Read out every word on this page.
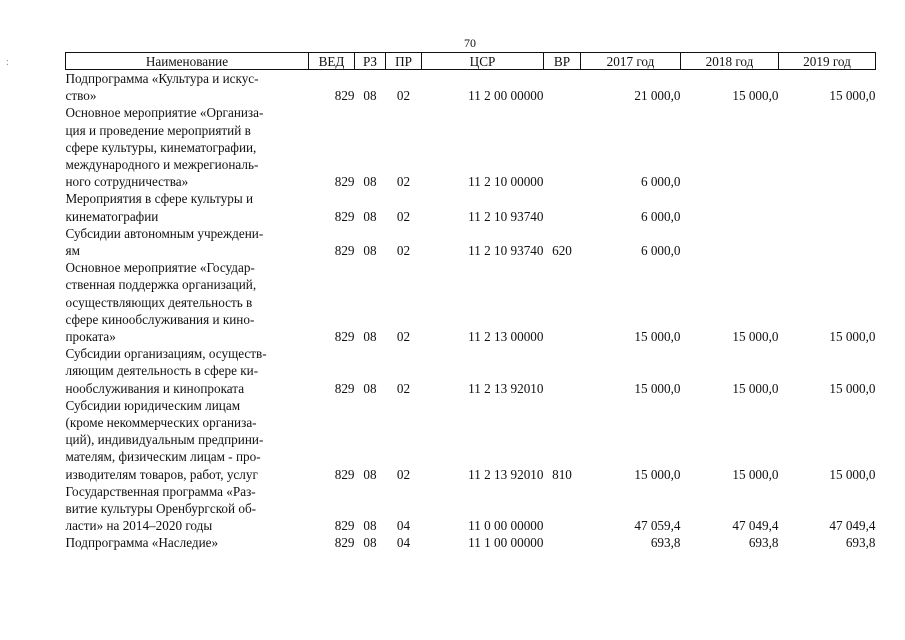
70
:	Наименование	ВЕД	РЗ	ПР	ЦСР	ВР	2017 год	2018 год	2019 год

Подпрограмма «Культура и искус-
ство»	829	08	02	11 2 00 00000		21 000,0	15 000,0	15 000,0

Основное мероприятие «Организа-
ция и проведение мероприятий в
сфере культуры, кинематографии,
международного и межрегиональ-
ного сотрудничества»	829	08	02	11 2 10 00000		6 000,0		

Мероприятия в сфере культуры и
кинематографии	829	08	02	11 2 10 93740		6 000,0		

Субсидии автономным учреждени-
ям	829	08	02	11 2 10 93740	620	6 000,0		

Основное мероприятие «Государ-
ственная поддержка организаций,
осуществляющих деятельность в
сфере кинообслуживания и кино-
проката»	829	08	02	11 2 13 00000		15 000,0	15 000,0	15 000,0

Субсидии организациям, осуществ-
ляющим деятельность в сфере ки-
нообслуживания и кинопроката	829	08	02	11 2 13 92010		15 000,0	15 000,0	15 000,0

Субсидии юридическим лицам
(кроме некоммерческих организа-
ций), индивидуальным предприни-
мателям, физическим лицам - про-
изводителям товаров, работ, услуг	829	08	02	11 2 13 92010	810	15 000,0	15 000,0	15 000,0

Государственная программа «Раз-
витие культуры Оренбургской об-
ласти» на 2014–2020 годы	829	08	04	11 0 00 00000		47 059,4	47 049,4	47 049,4

Подпрограмма «Наследие»	829	08	04	11 1 00 00000		693,8	693,8	693,8
